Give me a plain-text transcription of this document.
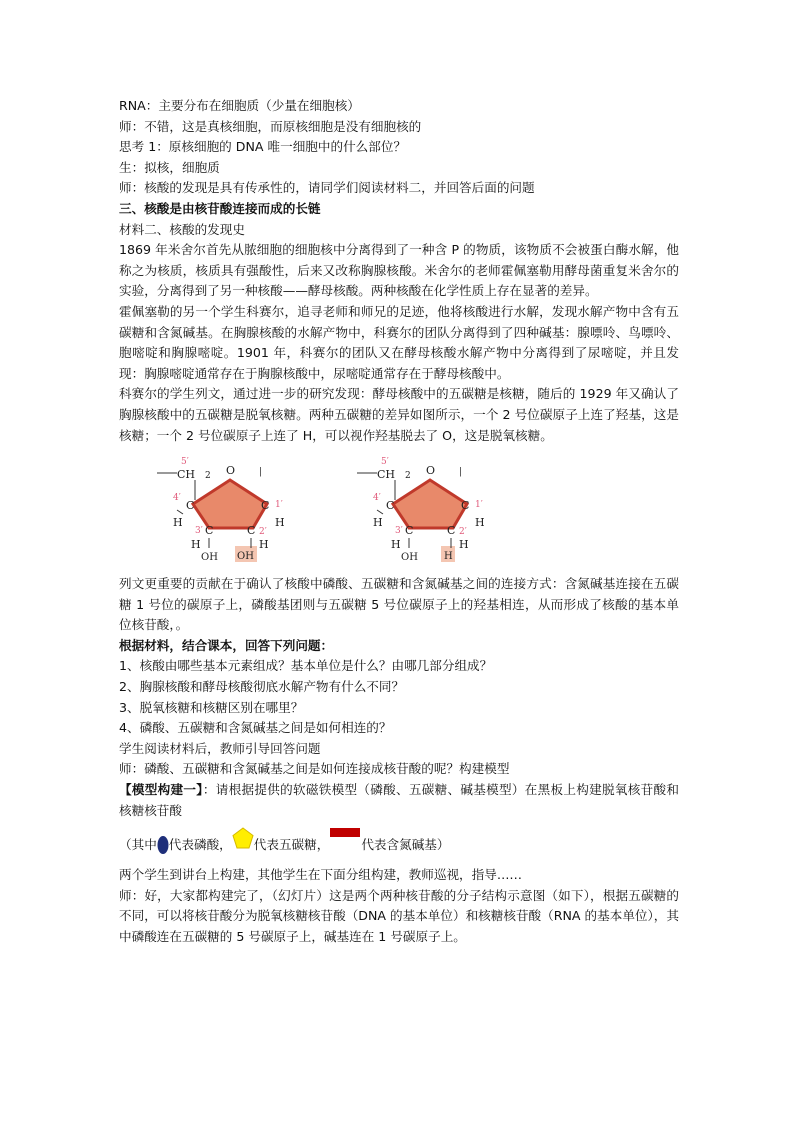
RNA：主要分布在细胞质（少量在细胞核）
师：不错，这是真核细胞，而原核细胞是没有细胞核的
思考 1：原核细胞的 DNA 唯一细胞中的什么部位？
生：拟核，细胞质
师：核酸的发现是具有传承性的，请同学们阅读材料二，并回答后面的问题
三、核酸是由核苷酸连接而成的长链
材料二、核酸的发现史
1869 年米舍尔首先从脓细胞的细胞核中分离得到了一种含 P 的物质，该物质不会被蛋白酶水解，他称之为核质，核质具有强酸性，后来又改称胸腺核酸。米舍尔的老师霍佩塞勒用酵母菌重复米舍尔的实验，分离得到了另一种核酸——酵母核酸。两种核酸在化学性质上存在显著的差异。
霍佩塞勒的另一个学生科赛尔，追寻老师和师兄的足迹，他将核酸进行水解，发现水解产物中含有五碳糖和含氮碱基。在胸腺核酸的水解产物中，科赛尔的团队分离得到了四种碱基：腺嘌呤、鸟嘌呤、胞嘧啶和胸腺嘧啶。1901 年，科赛尔的团队又在酵母核酸水解产物中分离得到了尿嘧啶，并且发现：胸腺嘧啶通常存在于胸腺核酸中，尿嘧啶通常存在于酵母核酸中。
科赛尔的学生列文，通过进一步的研究发现：酵母核酸中的五碳糖是核糖，随后的 1929 年又确认了胸腺核酸中的五碳糖是脱氧核糖。两种五碳糖的差异如图所示，一个 2 号位碳原子上连了羟基，这是核糖；一个 2 号位碳原子上连了 H，可以视作羟基脱去了 O，这是脱氧核糖。
CH
5′
2 O	|
4′
C	C 1′
H	H
3′ C	C 2′
H	H
OH OH
CH
5′
2 O	|
4′
C	C 1′
H	H
3′ C	C 2′
H	H
OH	H
列文更重要的贡献在于确认了核酸中磷酸、五碳糖和含氮碱基之间的连接方式：含氮碱基连接在五碳糖 1 号位的碳原子上，磷酸基团则与五碳糖 5 号位碳原子上的羟基相连，从而形成了核酸的基本单位核苷酸，。
根据材料，结合课本，回答下列问题：
1、核酸由哪些基本元素组成？基本单位是什么？由哪几部分组成？
2、胸腺核酸和酵母核酸彻底水解产物有什么不同？
3、脱氧核糖和核糖区别在哪里？
4、磷酸、五碳糖和含氮碱基之间是如何相连的？
学生阅读材料后，教师引导回答问题
师：磷酸、五碳糖和含氮碱基之间是如何连接成核苷酸的呢？构建模型
【模型构建一】：请根据提供的软磁铁模型（磷酸、五碳糖、碱基模型）在黑板上构建脱氧核苷酸和核糖核苷酸
（其中 代表磷酸， 代表五碳糖，	代表含氮碱基）
两个学生到讲台上构建，其他学生在下面分组构建，教师巡视，指导……
师：好，大家都构建完了，（幻灯片）这是两个两种核苷酸的分子结构示意图（如下），根据五碳糖的不同，可以将核苷酸分为脱氧核糖核苷酸（DNA 的基本单位）和核糖核苷酸（RNA 的基本单位），其中磷酸连在五碳糖的 5 号碳原子上，碱基连在 1 号碳原子上。
